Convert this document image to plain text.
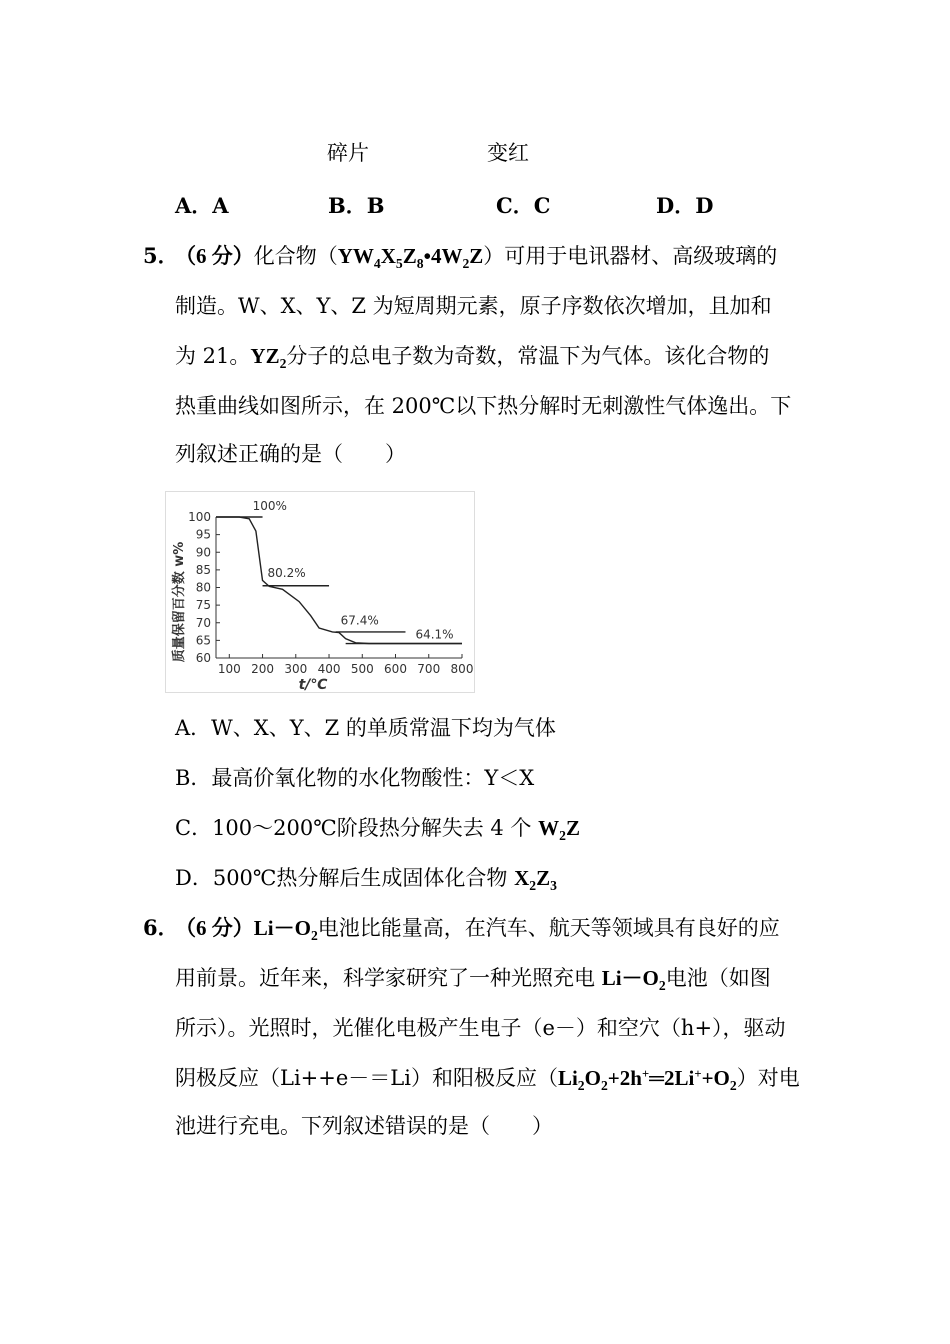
碎片	变红
A．A	B．B	C．C	D．D
5．
（6 分）化合物$(YW_4X_5Z_8•4W_2Z)$可用于电讯器材、高级玻璃的
制造。W、X、Y、Z 为短周期元素，原子序数依次增加，且加和
为 21。$YZ_2$分子的总电子数为奇数，常温下为气体。该化合物的
热重曲线如图所示，在 200℃以下热分解时无刺激性气体逸出。下
列叙述正确的是（　　）
100
95
90
85
80
75
70
65
60
100 200 300 400 500 600 700 800
100%
80.2%
67.4%
64.1%
质量保留百分数 w%
t/℃
A．W、X、Y、Z 的单质常温下均为气体
B．最高价氧化物的水化物酸性：Y＜X
C．100～200℃阶段热分解失去 4 个 $W_2Z$
D．500℃热分解后生成固体化合物 $X_2Z_3$
6．
（6 分）$Li-O_2$电池比能量高，在汽车、航天等领域具有良好的应
用前景。近年来，科学家研究了一种光照充电 $Li-O_2$电池（如图
所示）。光照时，光催化电极产生电子（e－）和空穴（h+），驱动
阴极反应（Li++e－＝Li）和阳极反应$(Li_2O_2+2h^+═2Li^++O_2)$对电
池进行充电。下列叙述错误的是（　　）
